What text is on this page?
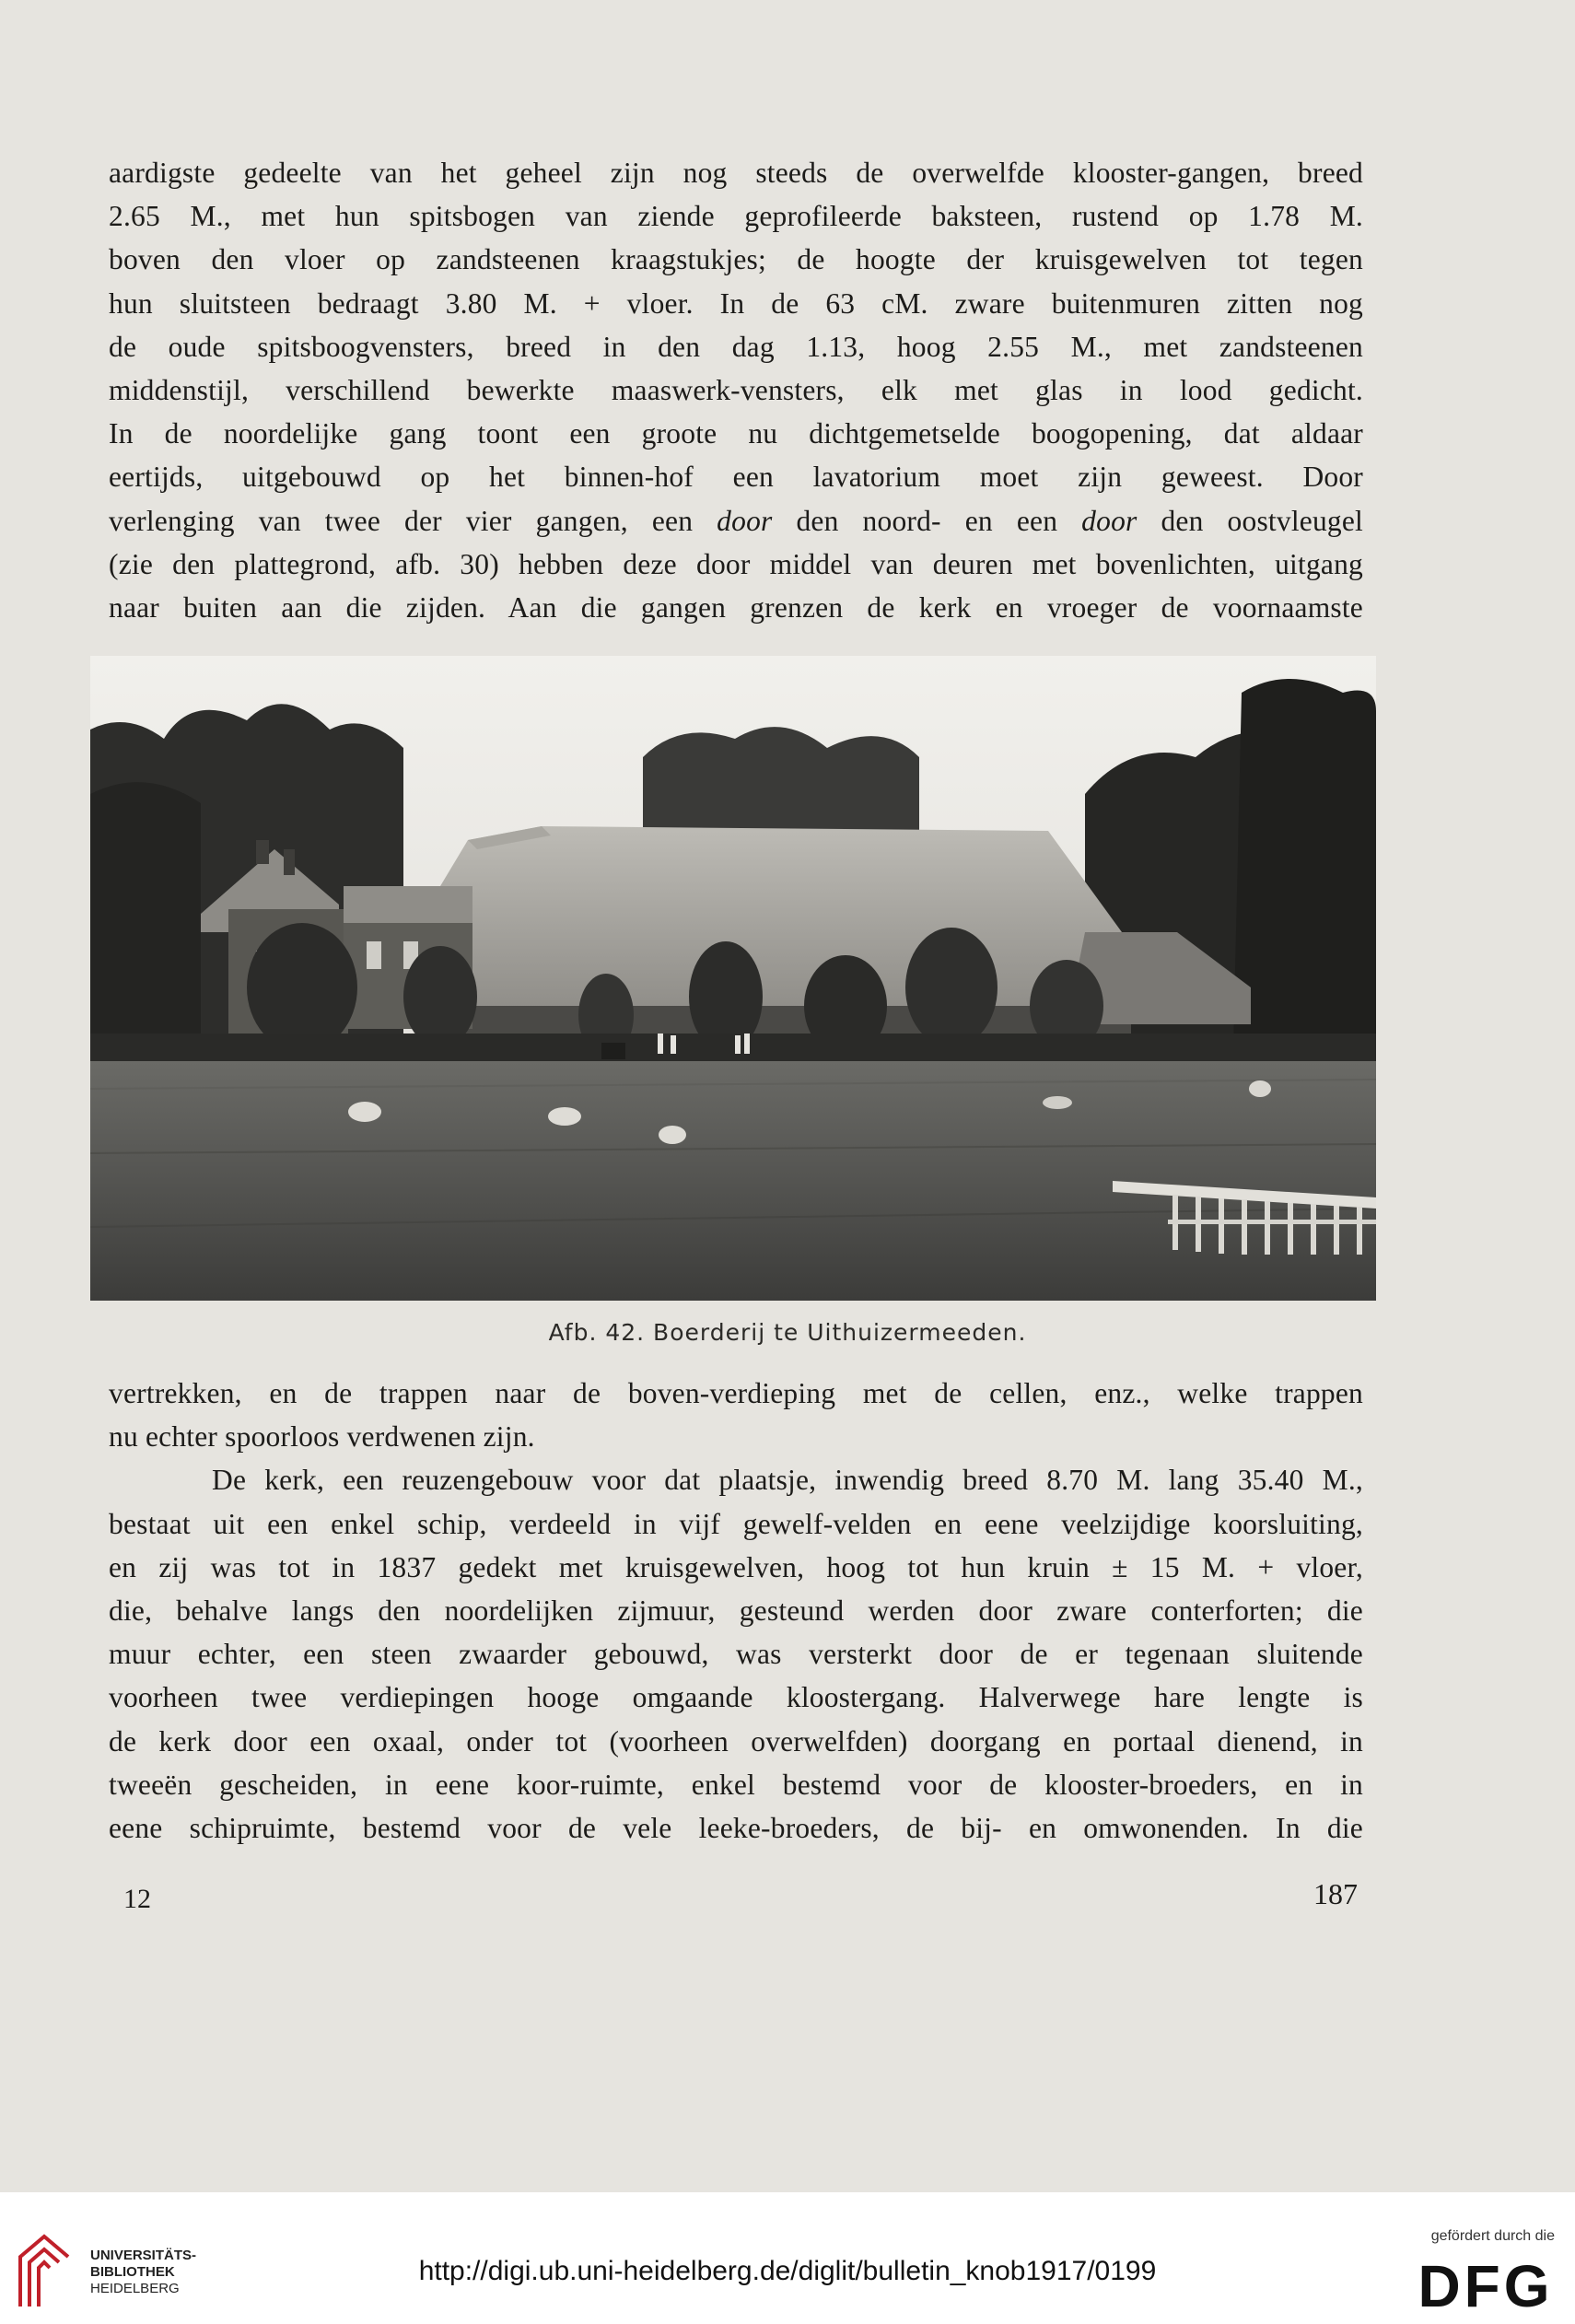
aardigste gedeelte van het geheel zijn nog steeds de overwelfde klooster-gangen, breed
2.65 M., met hun spitsbogen van ziende geprofileerde baksteen, rustend op 1.78 M.
boven den vloer op zandsteenen kraagstukjes; de hoogte der kruisgewelven tot tegen
hun sluitsteen bedraagt 3.80 M. + vloer. In de 63 cM. zware buitenmuren zitten nog
de oude spitsboogvensters, breed in den dag 1.13, hoog 2.55 M., met zandsteenen
middenstijl, verschillend bewerkte maaswerk-vensters, elk met glas in lood gedicht.
In de noordelijke gang toont een groote nu dichtgemetselde boogopening, dat aldaar
eertijds, uitgebouwd op het binnen-hof een lavatorium moet zijn geweest. Door
verlenging van twee der vier gangen, een door den noord- en een door den oostvleugel
(zie den plattegrond, afb. 30) hebben deze door middel van deuren met bovenlichten, uitgang
naar buiten aan die zijden. Aan die gangen grenzen de kerk en vroeger de voornaamste
Afb. 42. Boerderij te Uithuizermeeden.
vertrekken, en de trappen naar de boven-verdieping met de cellen, enz., welke trappen
nu echter spoorloos verdwenen zijn.
De kerk, een reuzengebouw voor dat plaatsje, inwendig breed 8.70 M. lang 35.40 M.,
bestaat uit een enkel schip, verdeeld in vijf gewelf-velden en eene veelzijdige koorsluiting,
en zij was tot in 1837 gedekt met kruisgewelven, hoog tot hun kruin ± 15 M. + vloer,
die, behalve langs den noordelijken zijmuur, gesteund werden door zware conterforten; die
muur echter, een steen zwaarder gebouwd, was versterkt door de er tegenaan sluitende
voorheen twee verdiepingen hooge omgaande kloostergang. Halverwege hare lengte is
de kerk door een oxaal, onder tot (voorheen overwelfden) doorgang en portaal dienend, in
tweeën gescheiden, in eene koor-ruimte, enkel bestemd voor de klooster-broeders, en in
eene schipruimte, bestemd voor de vele leeke-broeders, de bij- en omwonenden. In die
12	187
UNIVERSITÄTS-
BIBLIOTHEK
HEIDELBERG
http://digi.ub.uni-heidelberg.de/diglit/bulletin_knob1917/0199
gefördert durch die
DFG
